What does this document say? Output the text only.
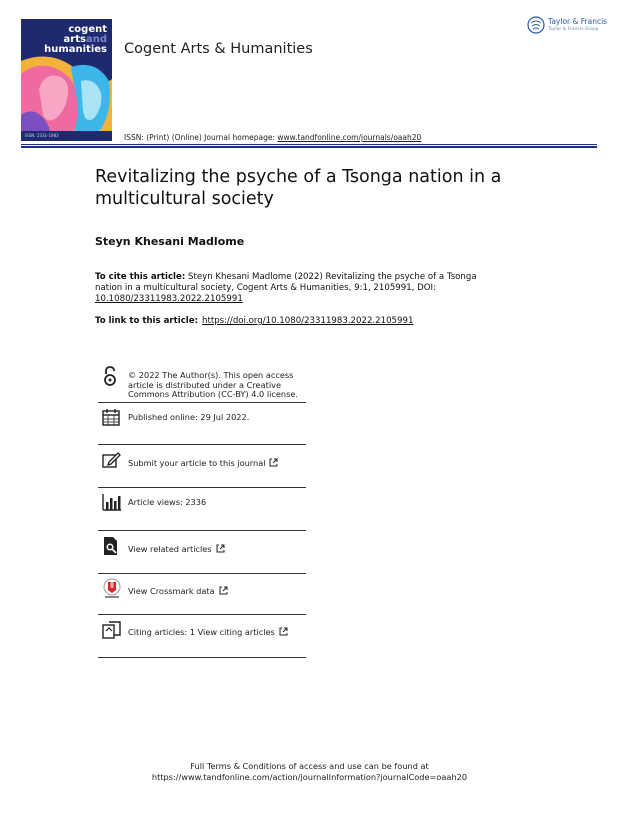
cogent
artsand
humanities
ISSN: 2331-1983
Cogent Arts & Humanities
Taylor & Francis
Taylor & Francis Group
ISSN: (Print) (Online) Journal homepage: www.tandfonline.com/journals/oaah20
Revitalizing the psyche of a Tsonga nation in a multicultural society
Steyn Khesani Madlome
To cite this article: Steyn Khesani Madlome (2022) Revitalizing the psyche of a Tsonga nation in a multicultural society, Cogent Arts & Humanities, 9:1, 2105991, DOI: 10.1080/23311983.2022.2105991
To link to this article: https://doi.org/10.1080/23311983.2022.2105991
© 2022 The Author(s). This open access article is distributed under a Creative Commons Attribution (CC-BY) 4.0 license.
Published online: 29 Jul 2022.
Submit your article to this journal
Article views: 2336
View related articles
View Crossmark data
Citing articles: 1 View citing articles
Full Terms & Conditions of access and use can be found at
https://www.tandfonline.com/action/journalInformation?journalCode=oaah20
